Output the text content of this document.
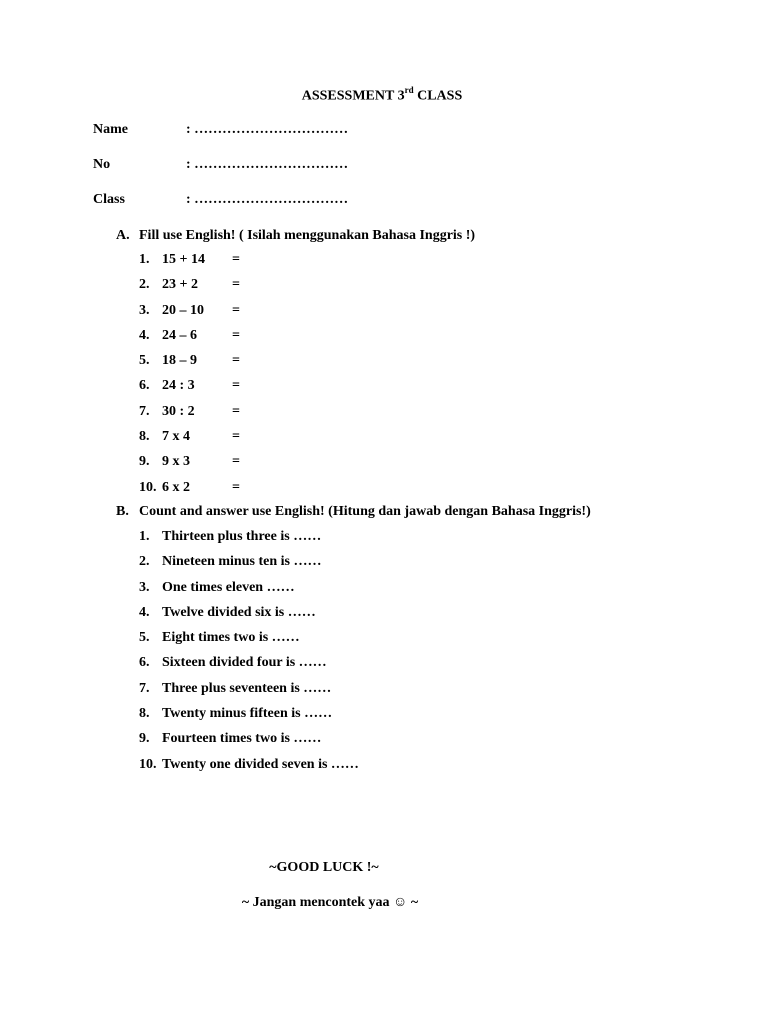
ASSESSMENT 3rd CLASS
Name	: ……………………………
No	: ……………………………
Class	: ……………………………
A. Fill use English! ( Isilah menggunakan Bahasa Inggris !)
1. 15 + 14 =
2. 23 + 2 =
3. 20 – 10 =
4. 24 – 6	=
5. 18 – 9	=
6. 24 : 3	=
7. 30 : 2	=
8. 7 x 4	=
9. 9 x 3	=
10. 6 x 2	=
B. Count and answer use English! (Hitung dan jawab dengan Bahasa Inggris!)
1. Thirteen plus three is ……
2. Nineteen minus ten is ……
3. One times eleven ……
4. Twelve divided six is ……
5. Eight times two is ……
6. Sixteen divided four is ……
7. Three plus seventeen is ……
8. Twenty minus fifteen is ……
9. Fourteen times two is ……
10. Twenty one divided seven is ……
~GOOD LUCK !~
~ Jangan mencontek yaa ☺ ~
